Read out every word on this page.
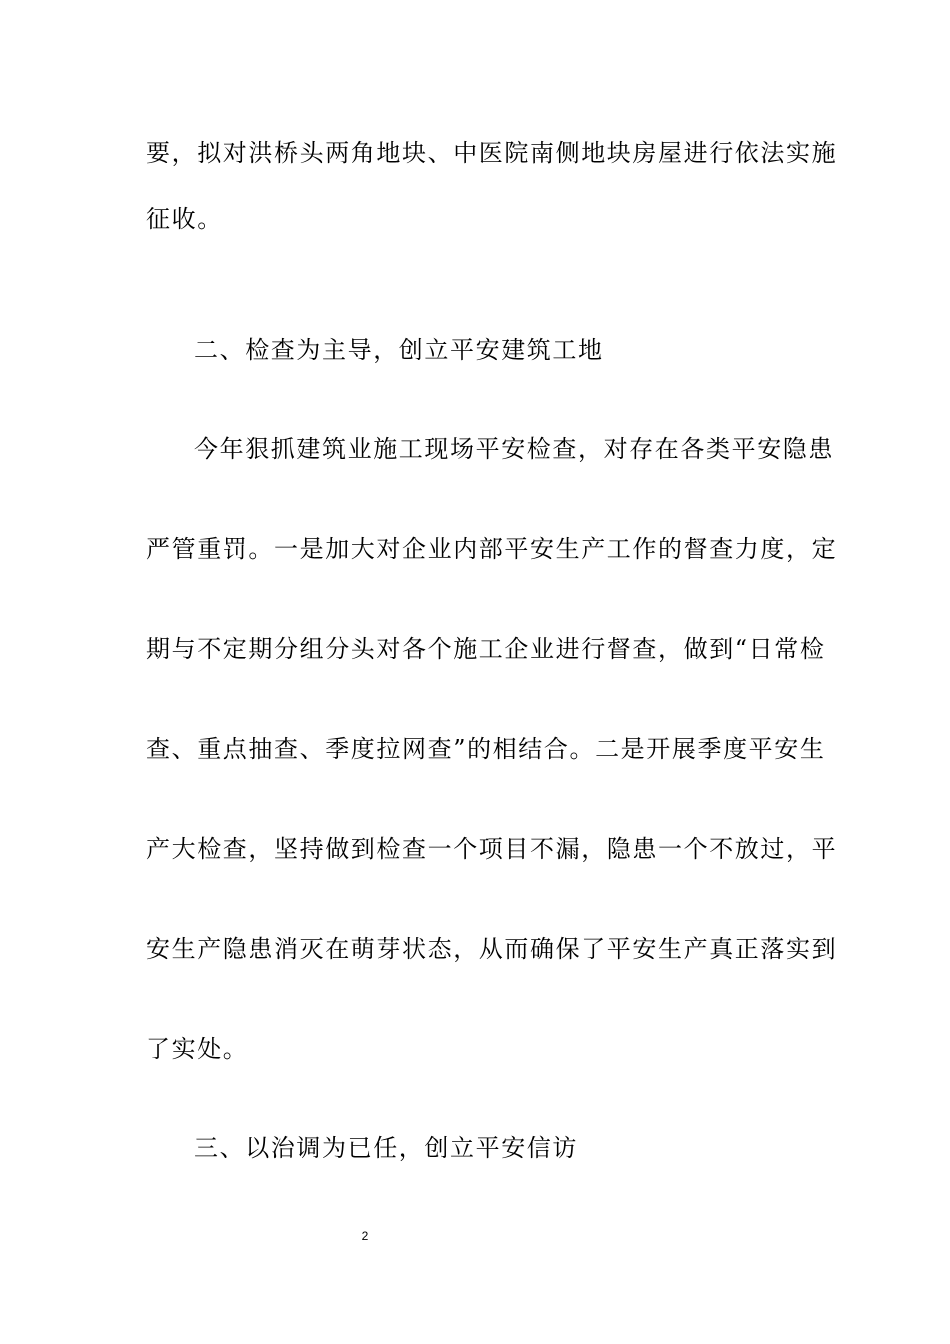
要，拟对洪桥头两角地块、中医院南侧地块房屋进行依法实施
征收。
二、检查为主导，创立平安建筑工地
今年狠抓建筑业施工现场平安检查，对存在各类平安隐患
严管重罚。一是加大对企业内部平安生产工作的督查力度，定
期与不定期分组分头对各个施工企业进行督查，做到“日常检
查、重点抽查、季度拉网查”的相结合。二是开展季度平安生
产大检查，坚持做到检查一个项目不漏，隐患一个不放过，平
安生产隐患消灭在萌芽状态，从而确保了平安生产真正落实到
了实处。
三、以治调为已任，创立平安信访
2
